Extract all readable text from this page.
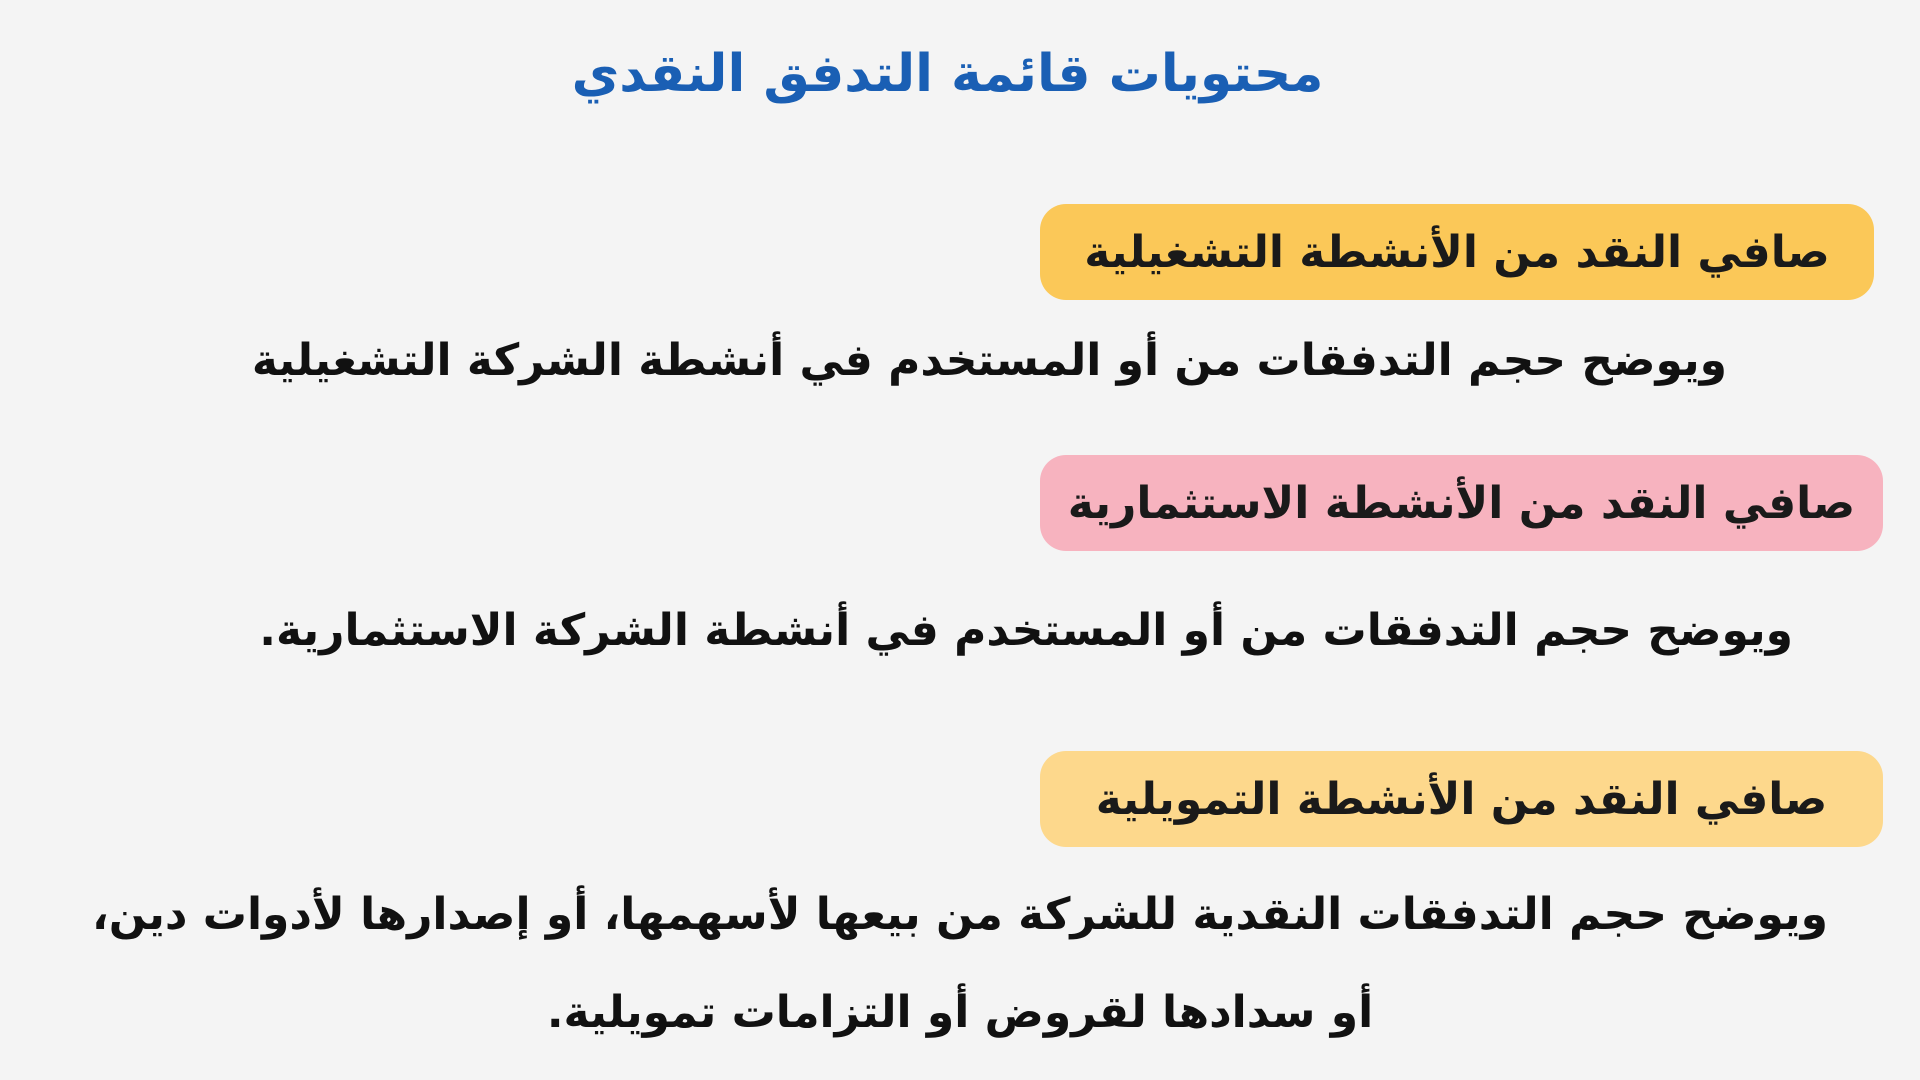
محتويات قائمة التدفق النقدي
صافي النقد من الأنشطة التشغيلية
ويوضح حجم التدفقات من أو المستخدم في أنشطة الشركة التشغيلية
صافي النقد من الأنشطة الاستثمارية
ويوضح حجم التدفقات من أو المستخدم في أنشطة الشركة الاستثمارية.
صافي النقد من الأنشطة التمويلية
ويوضح حجم التدفقات النقدية للشركة من بيعها لأسهمها، أو إصدارها لأدوات دين،
أو سدادها لقروض أو التزامات تمويلية.
